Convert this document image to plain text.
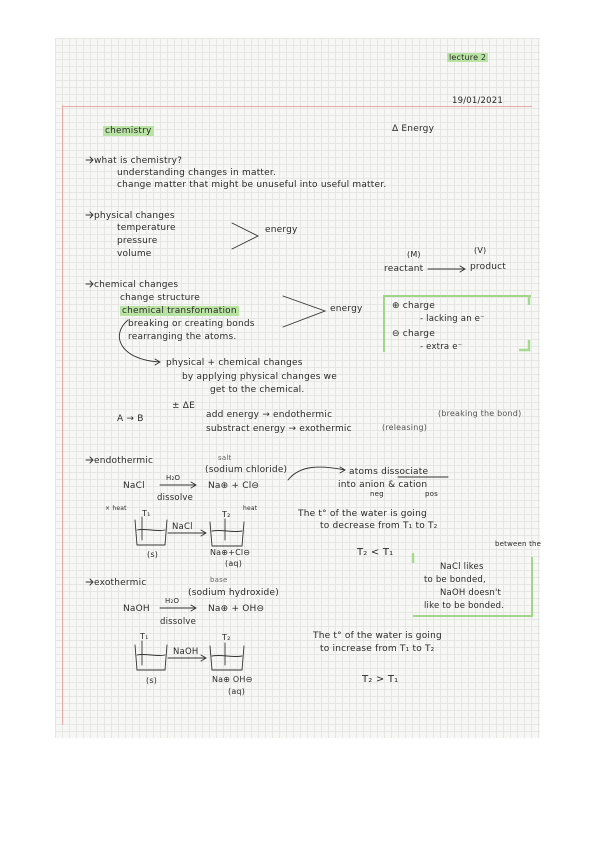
lecture 2
19/01/2021
chemistry	Δ Energy
what is chemistry?
understanding changes in matter.
change matter that might be unuseful into useful matter.
physical changes
temperature
pressure
volume
energy
(M)	(V)
reactant	product
chemical changes
change structure
chemical transformation
breaking or creating bonds
rearranging the atoms.
energy	⊕ charge
- lacking an e⁻
⊖ charge
- extra e⁻
physical + chemical changes
by applying physical changes we
get to the chemical.
± ΔE
A → B	add energy → endothermic	(breaking the bond)
substract energy → exothermic	(releasing)
endothermic	salt
(sodium chloride)
NaCl
H₂O
Na⊕ + Cl⊖
dissolve
atoms dissociate
into anion & cation
neg	pos
× heat	heat
T₁	T₂
NaCl
(s)	Na⊕+Cl⊖
(aq)
The t° of the water is going
to decrease from T₁ to T₂
between the
T₂ < T₁
NaCl likes
to be bonded,
NaOH doesn't
like to be bonded.
exothermic	base
(sodium hydroxide)
NaOH
H₂O
Na⊕ + OH⊖
dissolve
T₁	T₂
NaOH
(s)	Na⊕ OH⊖
(aq)
The t° of the water is going
to increase from T₁ to T₂
T₂ > T₁
